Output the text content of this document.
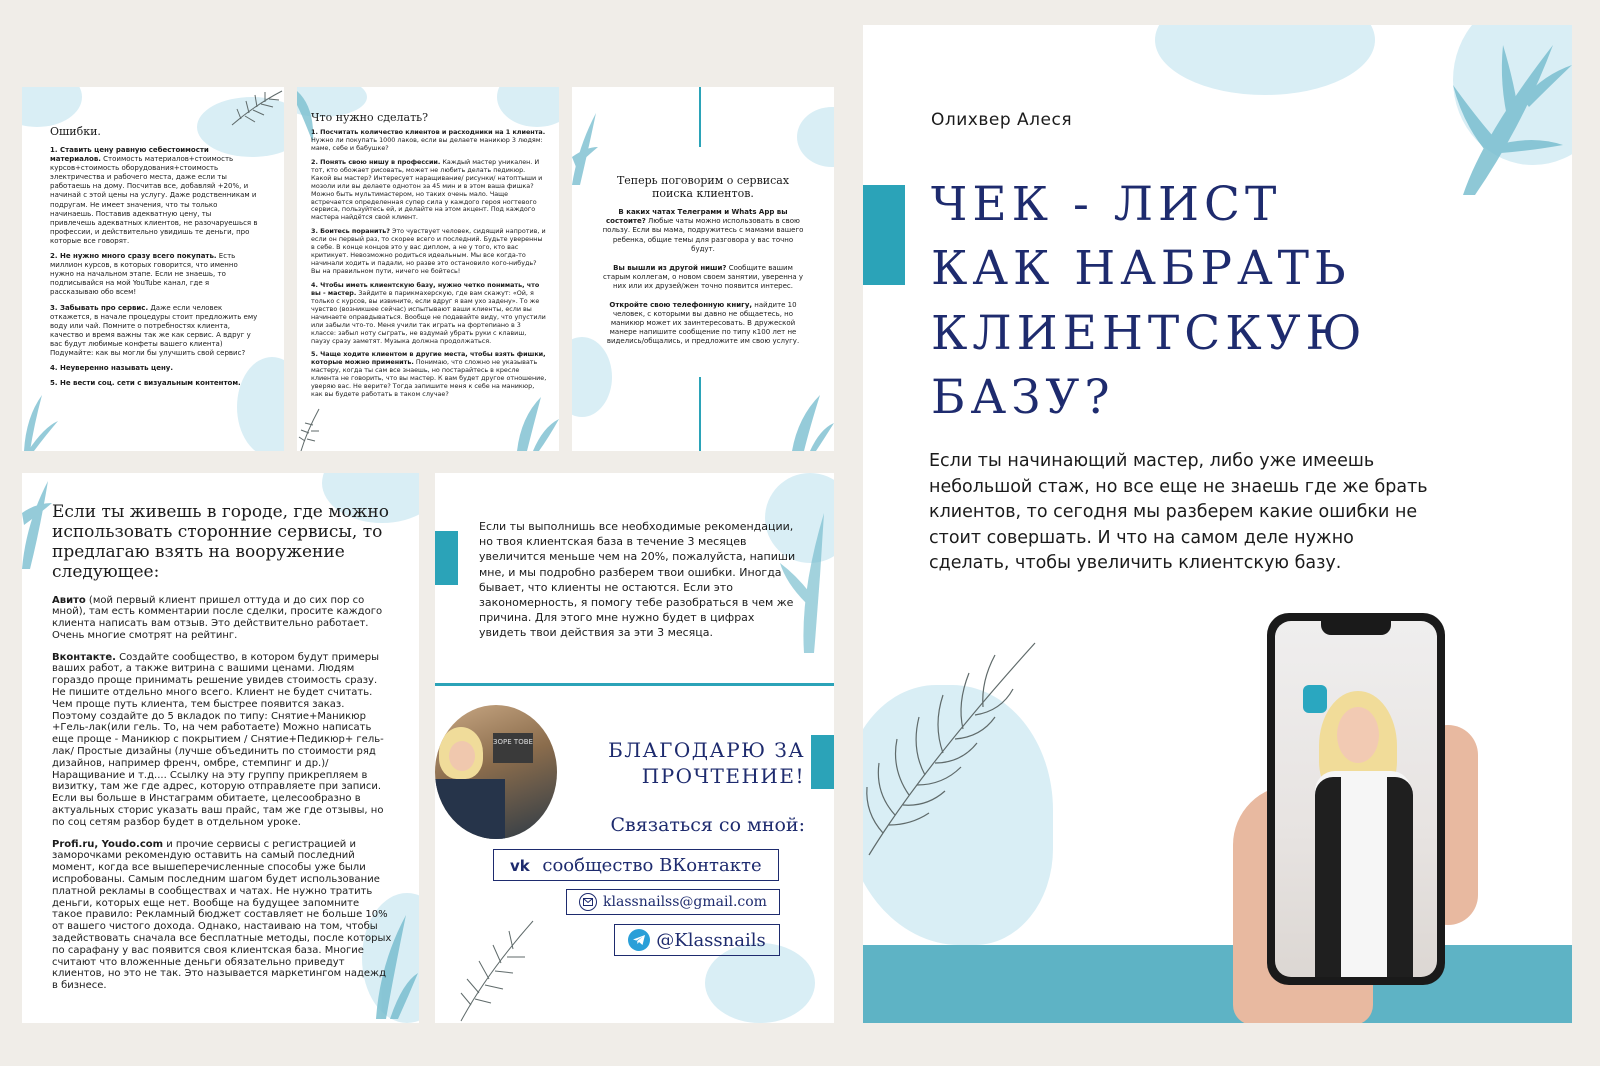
Ошибки.
1. Ставить цену равную себестоимости материалов. Стоимость материалов+стоимость курсов+стоимость оборудования+стоимость электричества и рабочего места, даже если ты работаешь на дому. Посчитав все, добавляй +20%, и начинай с этой цены на услугу. Даже родственникам и подругам. Не имеет значения, что ты только начинаешь. Поставив адекватную цену, ты привлечешь адекватных клиентов, не разочаруешься в профессии, и действительно увидишь те деньги, про которые все говорят.
2. Не нужно много сразу всего покупать. Есть миллион курсов, в которых говорится, что именно нужно на начальном этапе. Если не знаешь, то подписывайся на мой YouTube канал, где я рассказываю обо всем!
3. Забывать про сервис. Даже если человек откажется, в начале процедуры стоит предложить ему воду или чай. Помните о потребностях клиента, качество и время важны так же как сервис. А вдруг у вас будут любимые конфеты вашего клиента) Подумайте: как вы могли бы улучшить свой сервис?
4. Неуверенно называть цену.
5. Не вести соц. сети с визуальным контентом.
Что нужно сделать?
1. Посчитать количество клиентов и расходники на 1 клиента. Нужно ли покупать 1000 лаков, если вы делаете маникюр 3 людям: маме, себе и бабушке?
2. Понять свою нишу в профессии. Каждый мастер уникален. И тот, кто обожает рисовать, может не любить делать педикюр. Какой вы мастер? Интересует наращивание/ рисунки/ натоптыши и мозоли или вы делаете однотон за 45 мин и в этом ваша фишка? Можно быть мультимастером, но таких очень мало. Чаще встречается определенная супер сила у каждого героя ногтевого сервиса, пользуйтесь ей, и делайте на этом акцент. Под каждого мастера найдётся свой клиент.
3. Боитесь поранить? Это чувствует человек, сидящий напротив, и если он первый раз, то скорее всего и последний. Будьте уверенны в себе. В конце концов это у вас диплом, а не у того, кто вас критикует. Невозможно родиться идеальным. Мы все когда-то начинали ходить и падали, но разве это остановило кого-нибудь? Вы на правильном пути, ничего не бойтесь!
4. Чтобы иметь клиентскую базу, нужно четко понимать, что вы - мастер. Зайдите в парикмахерскую, где вам скажут: «Ой, я только с курсов, вы извините, если вдруг я вам ухо задену». То же чувство (возникшее сейчас) испытывают ваши клиенты, если вы начинаете оправдываться. Вообще не подавайте виду, что упустили или забыли что-то. Меня учили так играть на фортепиано в 3 классе: забыл ноту сыграть, не вздумай убрать руки с клавиш, паузу сразу заметят. Музыка должна продолжаться.
5. Чаще ходите клиентом в другие места, чтобы взять фишки, которые можно применить. Понимаю, что сложно не указывать мастеру, когда ты сам все знаешь, но постарайтесь в кресле клиента не говорить, что вы мастер. К вам будет другое отношение, уверяю вас. Не верите? Тогда запишите меня к себе на маникюр, как вы будете работать в таком случае?
Теперь поговорим о сервисах поиска клиентов.
В каких чатах Телеграмм и Whats App вы состоите? Любые чаты можно использовать в свою пользу. Если вы мама, подружитесь с мамами вашего ребенка, общие темы для разговора у вас точно будут.
Вы вышли из другой ниши? Сообщите вашим старым коллегам, о новом своем занятии, уверенна у них или их друзей/жен точно появится интерес.
Откройте свою телефонную книгу, найдите 10 человек, с которыми вы давно не общаетесь, но маникюр может их заинтересовать. В дружеской манере напишите сообщение по типу к100 лет не виделись/общались, и предложите им свою услугу.
Если ты живешь в городе, где можно использовать сторонние сервисы, то предлагаю взять на вооружение следующее:
Авито (мой первый клиент пришел оттуда и до сих пор со мной), там есть комментарии после сделки, просите каждого клиента написать вам отзыв. Это действительно работает. Очень многие смотрят на рейтинг.
Вконтакте. Создайте сообщество, в котором будут примеры ваших работ, а также витрина с вашими ценами. Людям гораздо проще принимать решение увидев стоимость сразу. Не пишите отдельно много всего. Клиент не будет считать. Чем проще путь клиента, тем быстрее появится заказ. Поэтому создайте до 5 вкладок по типу: Снятие+Маникюр +Гель-лак(или гель. То, на чем работаете) Можно написать еще проще - Маникюр с покрытием / Снятие+Педикюр+ гель-лак/ Простые дизайны (лучше объединить по стоимости ряд дизайнов, например френч, омбре, стемпинг и др.)/Наращивание и т.д.... Ссылку на эту группу прикрепляем в визитку, там же где адрес, которую отправляете при записи. Если вы больше в Инстаграмм обитаете, целесообразно в актуальных сторис указать ваш прайс, там же где отзывы, но по соц сетям разбор будет в отдельном уроке.
Profi.ru, Youdo.com и прочие сервисы с регистрацией и заморочками рекомендую оставить на самый последний момент, когда все вышеперечисленные способы уже были испробованы. Самым последним шагом будет использование платной рекламы в сообществах и чатах. Не нужно тратить деньги, которых еще нет. Вообще на будущее запомните такое правило: Рекламный бюджет составляет не больше 10% от вашего чистого дохода. Однако, настаиваю на том, чтобы задействовать сначала все бесплатные методы, после которых по сарафану у вас появится своя клиентская база. Многие считают что вложенные деньги обязательно приведут клиентов, но это не так. Это называется маркетингом надежд в бизнесе.
Если ты выполнишь все необходимые рекомендации, но твоя клиентская база в течение 3 месяцев увеличится меньше чем на 20%, пожалуйста, напиши мне, и мы подробно разберем твои ошибки. Иногда бывает, что клиенты не остаются. Если это закономерность, я помогу тебе разобраться в чем же причина. Для этого мне нужно будет в цифрах увидеть твои действия за эти 3 месяца.
ЗОРЕ ТОВЕ	БЛАГОДАРЮ ЗА
ПРОЧТЕНИЕ!
Связаться со мной:
vk сообщество ВКонтакте
klassnailss@gmail.com
@Klassnails
Олихвер Алеся
ЧЕК - ЛИСТ
КАК НАБРАТЬ
КЛИЕНТСКУЮ
БАЗУ?
Если ты начинающий мастер, либо уже имеешь небольшой стаж, но все еще не знаешь где же брать клиентов, то сегодня мы разберем какие ошибки не стоит совершать. И что на самом деле нужно сделать, чтобы увеличить клиентскую базу.
